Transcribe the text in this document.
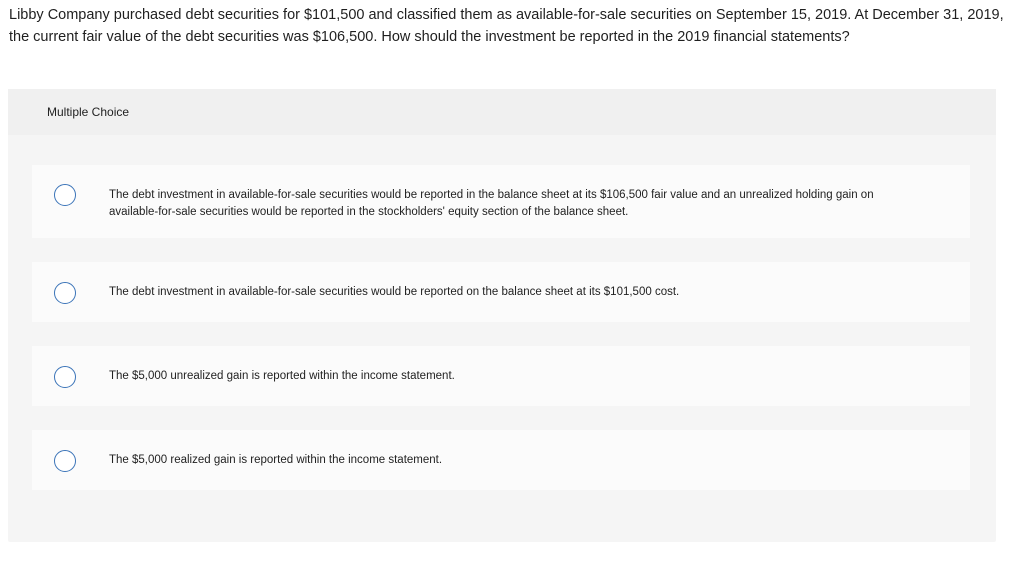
Libby Company purchased debt securities for $101,500 and classified them as available-for-sale securities on September 15, 2019. At December 31, 2019, the current fair value of the debt securities was $106,500. How should the investment be reported in the 2019 financial statements?
Multiple Choice
The debt investment in available-for-sale securities would be reported in the balance sheet at its $106,500 fair value and an unrealized holding gain on available-for-sale securities would be reported in the stockholders' equity section of the balance sheet.
The debt investment in available-for-sale securities would be reported on the balance sheet at its $101,500 cost.
The $5,000 unrealized gain is reported within the income statement.
The $5,000 realized gain is reported within the income statement.
